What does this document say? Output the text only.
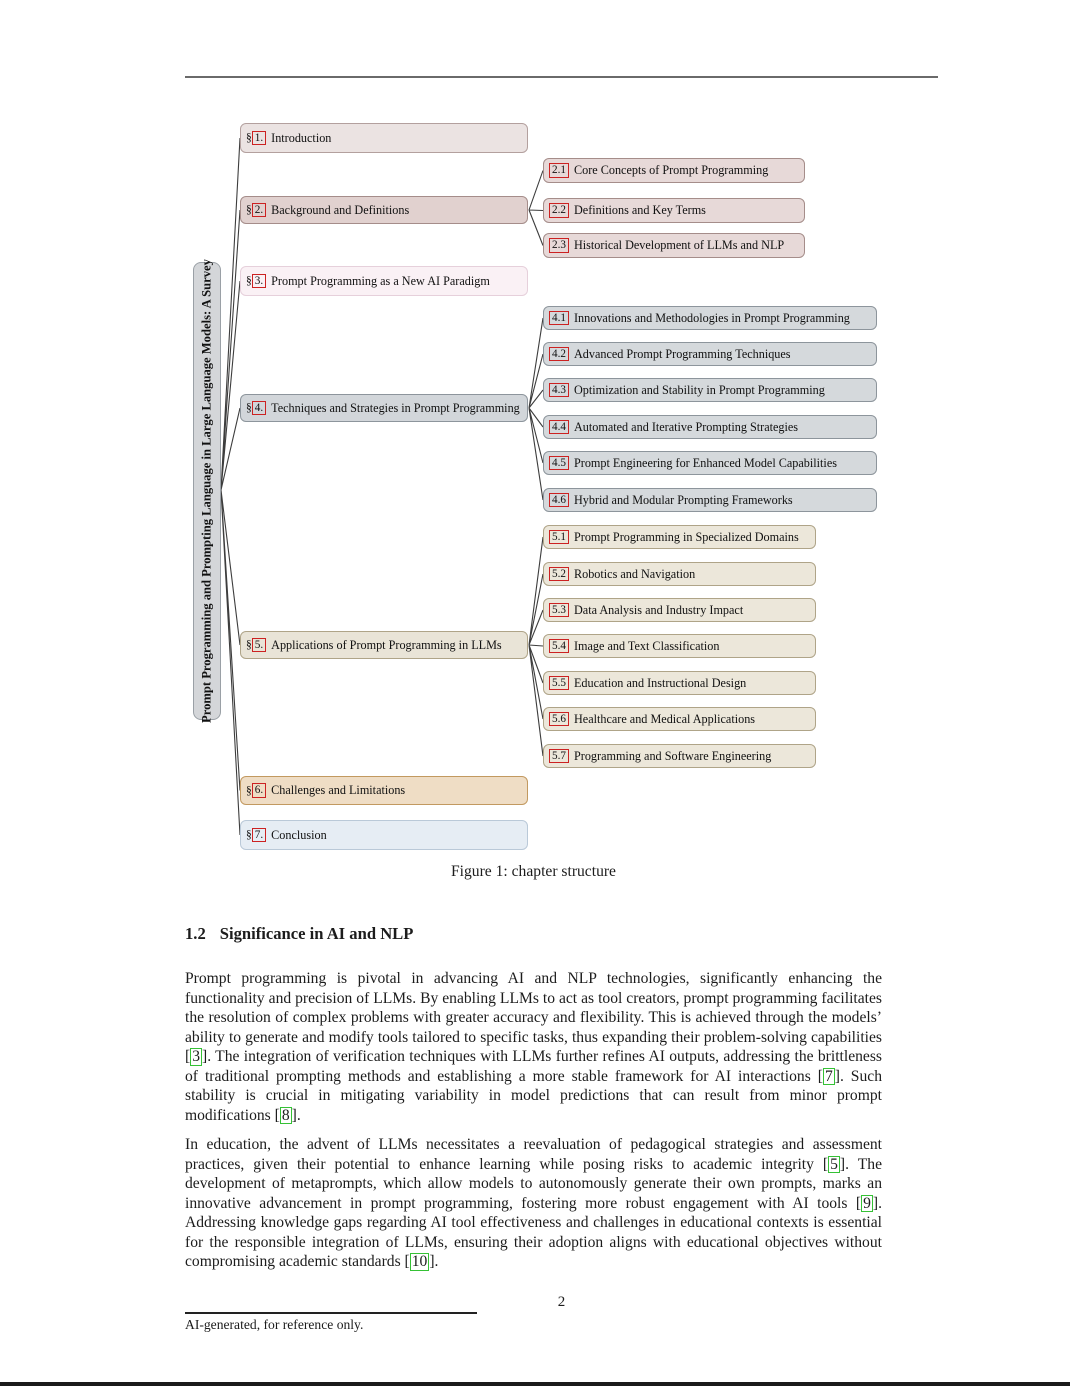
Prompt Programming and Prompting Language in Large Language Models: A Survey
§ 1. Introduction
§ 2. Background and Definitions
2.1 Core Concepts of Prompt Programming
2.2 Definitions and Key Terms
2.3 Historical Development of LLMs and NLP
§ 3. Prompt Programming as a New AI Paradigm
§ 4. Techniques and Strategies in Prompt Programming
4.1 Innovations and Methodologies in Prompt Programming
4.2 Advanced Prompt Programming Techniques
4.3 Optimization and Stability in Prompt Programming
4.4 Automated and Iterative Prompting Strategies
4.5 Prompt Engineering for Enhanced Model Capabilities
4.6 Hybrid and Modular Prompting Frameworks
§ 5. Applications of Prompt Programming in LLMs
5.1 Prompt Programming in Specialized Domains
5.2 Robotics and Navigation
5.3 Data Analysis and Industry Impact
5.4 Image and Text Classification
5.5 Education and Instructional Design
5.6 Healthcare and Medical Applications
5.7 Programming and Software Engineering
§ 6. Challenges and Limitations
§ 7. Conclusion
Figure 1: chapter structure
1.2 Significance in AI and NLP
Prompt programming is pivotal in advancing AI and NLP technologies, significantly enhancing the functionality and precision of LLMs. By enabling LLMs to act as tool creators, prompt programming facilitates the resolution of complex problems with greater accuracy and flexibility. This is achieved through the models’ ability to generate and modify tools tailored to specific tasks, thus expanding their problem-solving capabilities [ 3 ]. The integration of verification techniques with LLMs further refines AI outputs, addressing the brittleness of traditional prompting methods and establishing a more stable framework for AI interactions [ 7 ]. Such stability is crucial in mitigating variability in model predictions that can result from minor prompt modifications [ 8 ].
In education, the advent of LLMs necessitates a reevaluation of pedagogical strategies and assessment practices, given their potential to enhance learning while posing risks to academic integrity [ 5 ]. The development of metaprompts, which allow models to autonomously generate their own prompts, marks an innovative advancement in prompt programming, fostering more robust engagement with AI tools [ 9 ]. Addressing knowledge gaps regarding AI tool effectiveness and challenges in educational contexts is essential for the responsible integration of LLMs, ensuring their adoption aligns with educational objectives without compromising academic standards [ 10 ].
AI-generated, for reference only.
2
